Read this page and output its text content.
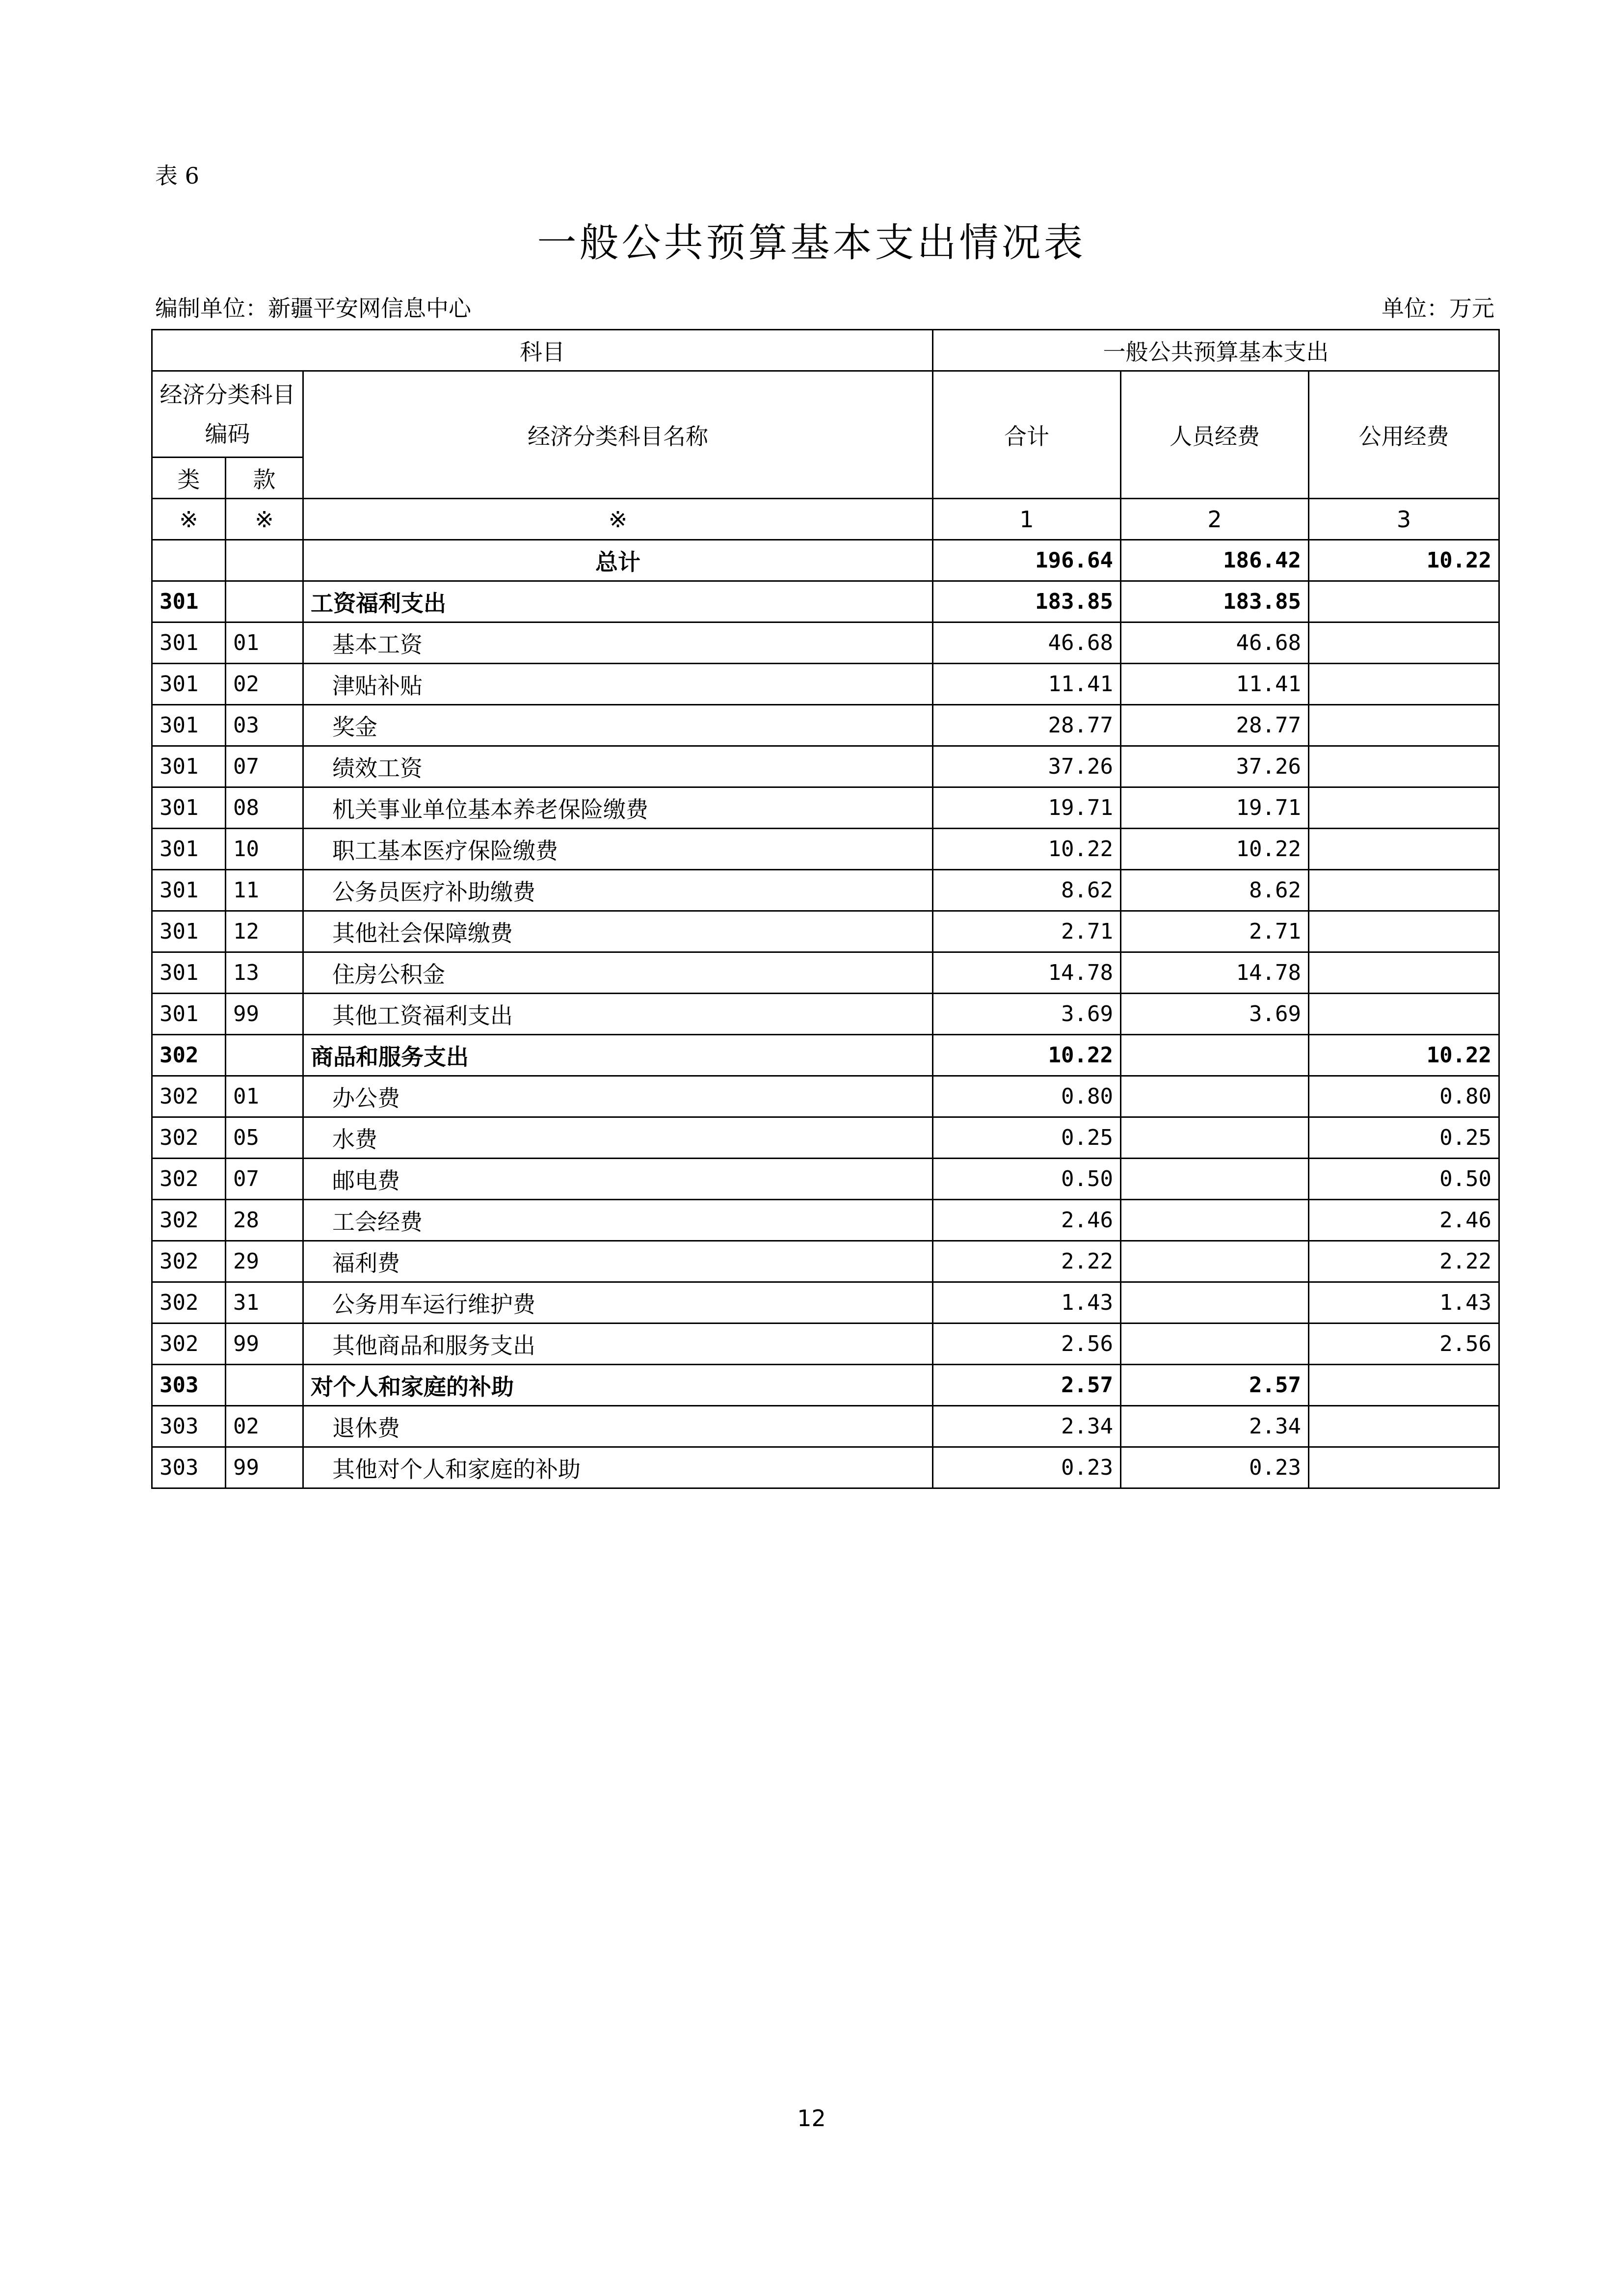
表 6
一般公共预算基本支出情况表
编制单位：新疆平安网信息中心	单位：万元
科目			一般公共预算基本支出		
经济分类科目编码		经济分类科目名称	合计	人员经费	公用经费
类	款				
※	※	※	1	2	3
		总计	196.64	186.42	10.22
301		工资福利支出	183.85	183.85	
301	01	基本工资	46.68	46.68	
301	02	津贴补贴	11.41	11.41	
301	03	奖金	28.77	28.77	
301	07	绩效工资	37.26	37.26	
301	08	机关事业单位基本养老保险缴费	19.71	19.71	
301	10	职工基本医疗保险缴费	10.22	10.22	
301	11	公务员医疗补助缴费	8.62	8.62	
301	12	其他社会保障缴费	2.71	2.71	
301	13	住房公积金	14.78	14.78	
301	99	其他工资福利支出	3.69	3.69	
302		商品和服务支出	10.22		10.22
302	01	办公费	0.80		0.80
302	05	水费	0.25		0.25
302	07	邮电费	0.50		0.50
302	28	工会经费	2.46		2.46
302	29	福利费	2.22		2.22
302	31	公务用车运行维护费	1.43		1.43
302	99	其他商品和服务支出	2.56		2.56
303		对个人和家庭的补助	2.57	2.57	
303	02	退休费	2.34	2.34	
303	99	其他对个人和家庭的补助	0.23	0.23	
12
